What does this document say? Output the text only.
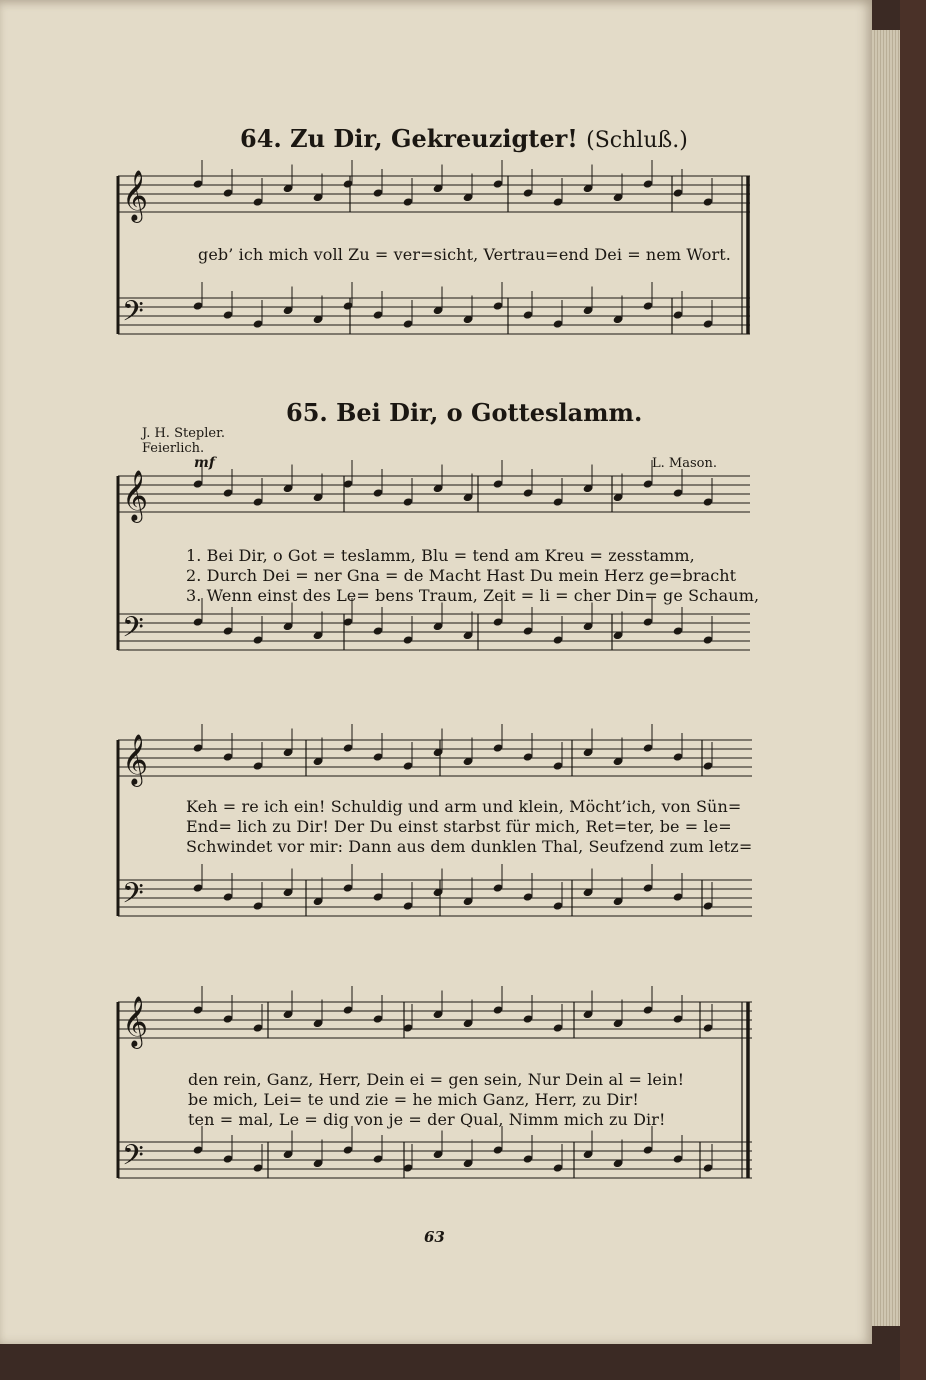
𝄞
𝄢
𝄞
𝄢
𝄞
𝄢
𝄞
𝄢
64. Zu Dir, Gekreuzigter! (Schluß.)
geb’ ich mich voll Zu = ver=sicht, Vertrau=end Dei = nem Wort.
65. Bei Dir, o Gotteslamm.
J. H. Stepler.
Feierlich.
mf	L. Mason.
1. Bei Dir, o Got = teslamm, Blu = tend am Kreu = zesstamm,
2. Durch Dei = ner Gna = de Macht Hast Du mein Herz ge=bracht
3. Wenn einst des Le= bens Traum, Zeit = li = cher Din= ge Schaum,
Keh = re ich ein! Schuldig und arm und klein, Möcht’ich, von Sün=
End= lich zu Dir! Der Du einst starbst für mich, Ret=ter, be = le=
Schwindet vor mir: Dann aus dem dunklen Thal, Seufzend zum letz=
den rein, Ganz, Herr, Dein ei = gen sein, Nur Dein al = lein!
be mich, Lei= te und zie = he mich Ganz, Herr, zu Dir!
ten = mal, Le = dig von je = der Qual, Nimm mich zu Dir!
63
